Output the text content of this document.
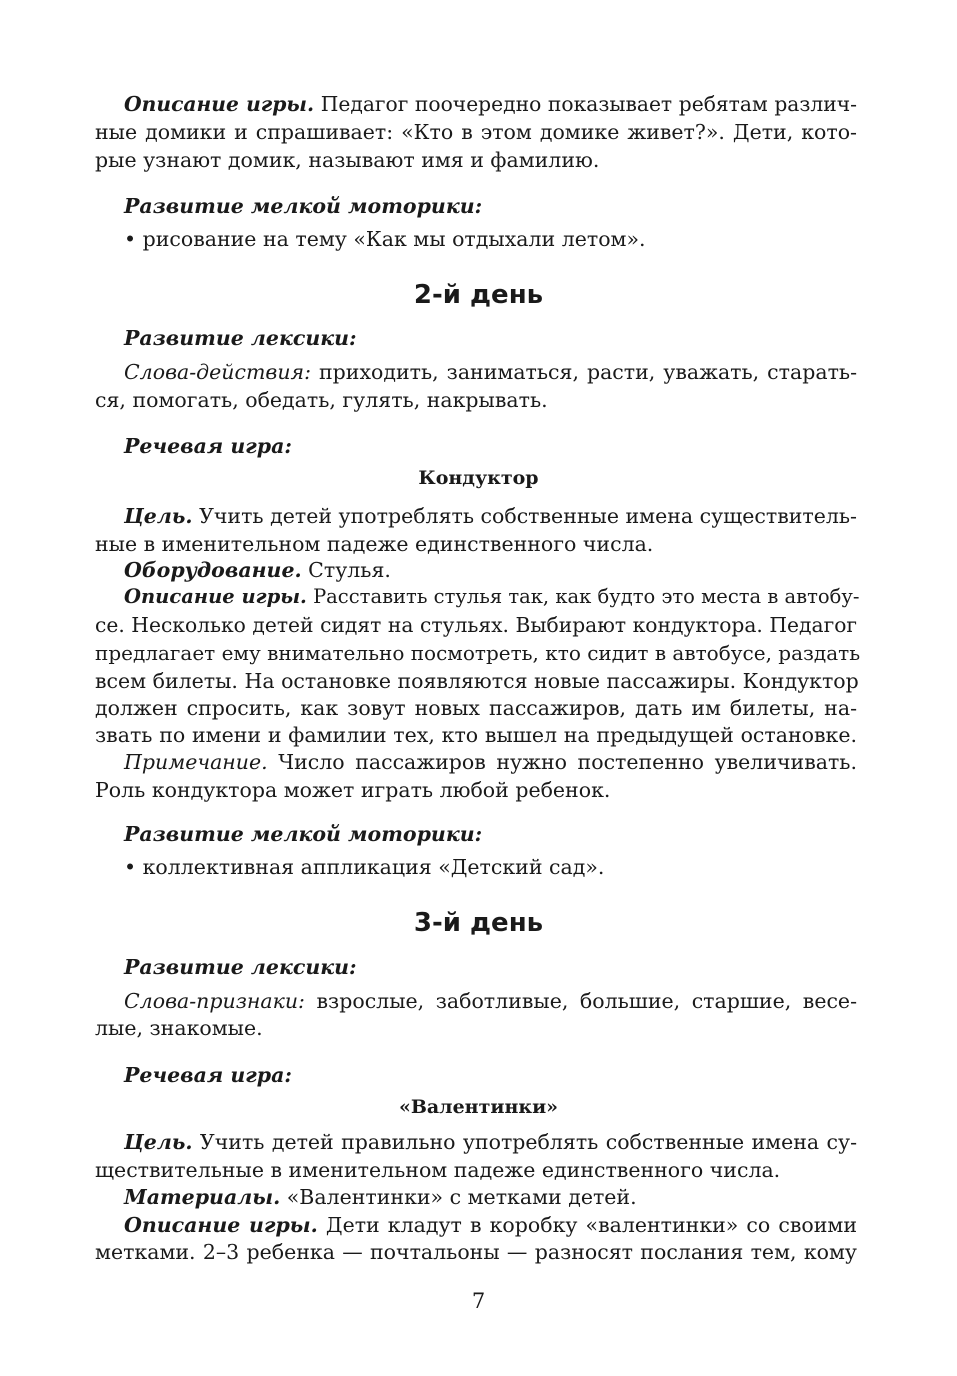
Описание игры. Педагог поочередно показывает ребятам различ-
ные домики и спрашивает: «Кто в этом домике живет?». Дети, кото-
рые узнают домик, называют имя и фамилию.
Развитие мелкой моторики:
• рисование на тему «Как мы отдыхали летом».
2-й день
Развитие лексики:
Слова-действия: приходить, заниматься, расти, уважать, старать-
ся, помогать, обедать, гулять, накрывать.
Речевая игра:
Кондуктор
Цель. Учить детей употреблять собственные имена существитель-
ные в именительном падеже единственного числа.
Оборудование. Стулья.
Описание игры. Расставить стулья так, как будто это места в автобу-
се. Несколько детей сидят на стульях. Выбирают кондуктора. Педагог
предлагает ему внимательно посмотреть, кто сидит в автобусе, раздать
всем билеты. На остановке появляются новые пассажиры. Кондуктор
должен спросить, как зовут новых пассажиров, дать им билеты, на-
звать по имени и фамилии тех, кто вышел на предыдущей остановке.
Примечание. Число пассажиров нужно постепенно увеличивать.
Роль кондуктора может играть любой ребенок.
Развитие мелкой моторики:
• коллективная аппликация «Детский сад».
3-й день
Развитие лексики:
Слова-признаки: взрослые, заботливые, большие, старшие, весе-
лые, знакомые.
Речевая игра:
«Валентинки»
Цель. Учить детей правильно употреблять собственные имена су-
ществительные в именительном падеже единственного числа.
Материалы. «Валентинки» с метками детей.
Описание игры. Дети кладут в коробку «валентинки» со своими
метками. 2–3 ребенка — почтальоны — разносят послания тем, кому
7
